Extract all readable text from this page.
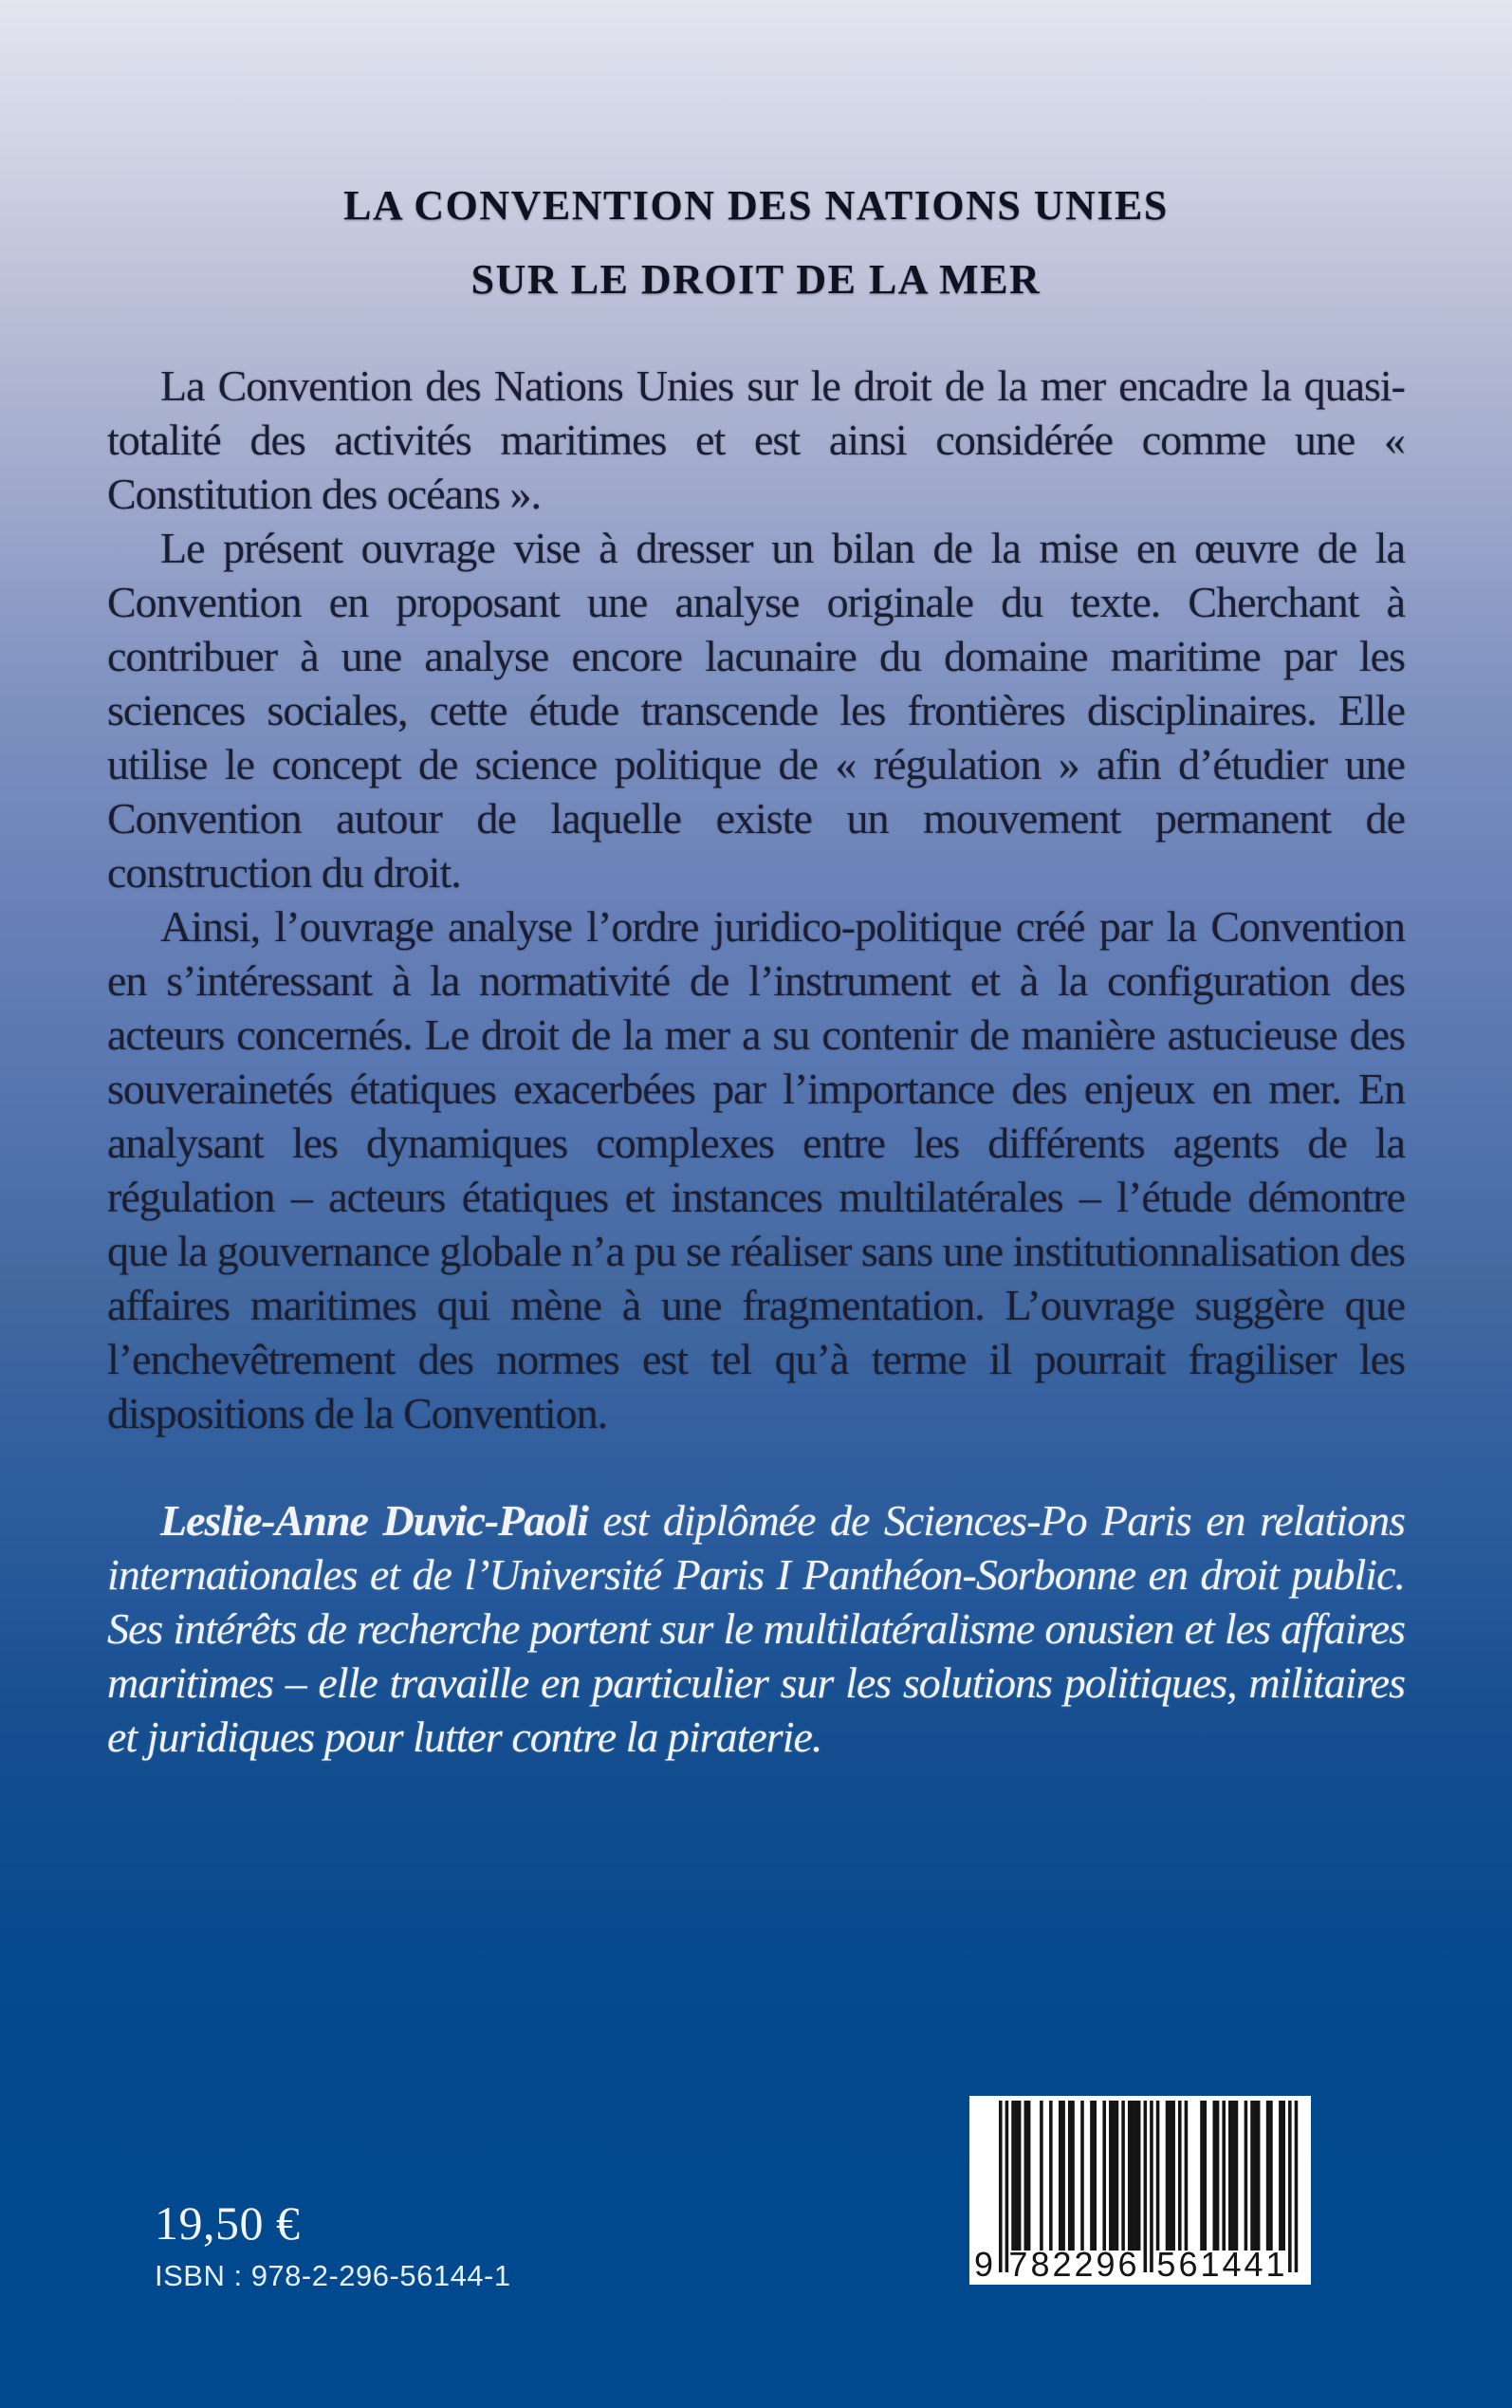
LA CONVENTION DES NATIONS UNIES
SUR LE DROIT DE LA MER

La Convention des Nations Unies sur le droit de la mer encadre la quasi-totalité des activités maritimes et est ainsi considérée comme une « Constitution des océans ».

Le présent ouvrage vise à dresser un bilan de la mise en œuvre de la Convention en proposant une analyse originale du texte. Cherchant à contribuer à une analyse encore lacunaire du domaine maritime par les sciences sociales, cette étude transcende les frontières disciplinaires. Elle utilise le concept de science politique de « régulation » afin d’étudier une Convention autour de laquelle existe un mouvement permanent de construction du droit.

Ainsi, l’ouvrage analyse l’ordre juridico-politique créé par la Convention en s’intéressant à la normativité de l’instrument et à la configuration des acteurs concernés. Le droit de la mer a su contenir de manière astucieuse des souverainetés étatiques exacerbées par l’importance des enjeux en mer. En analysant les dynamiques complexes entre les différents agents de la régulation – acteurs étatiques et instances multilatérales – l’étude démontre que la gouvernance globale n’a pu se réaliser sans une institutionnalisation des affaires maritimes qui mène à une fragmentation. L’ouvrage suggère que l’enchevêtrement des normes est tel qu’à terme il pourrait fragiliser les dispositions de la Convention.

Leslie-Anne Duvic-Paoli est diplômée de Sciences-Po Paris en relations internationales et de l’Université Paris I Panthéon-Sorbonne en droit public. Ses intérêts de recherche portent sur le multilatéralisme onusien et les affaires maritimes – elle travaille en particulier sur les solutions politiques, militaires et juridiques pour lutter contre la piraterie.

19,50 €
ISBN : 978-2-296-56144-1	9 782296 561441
